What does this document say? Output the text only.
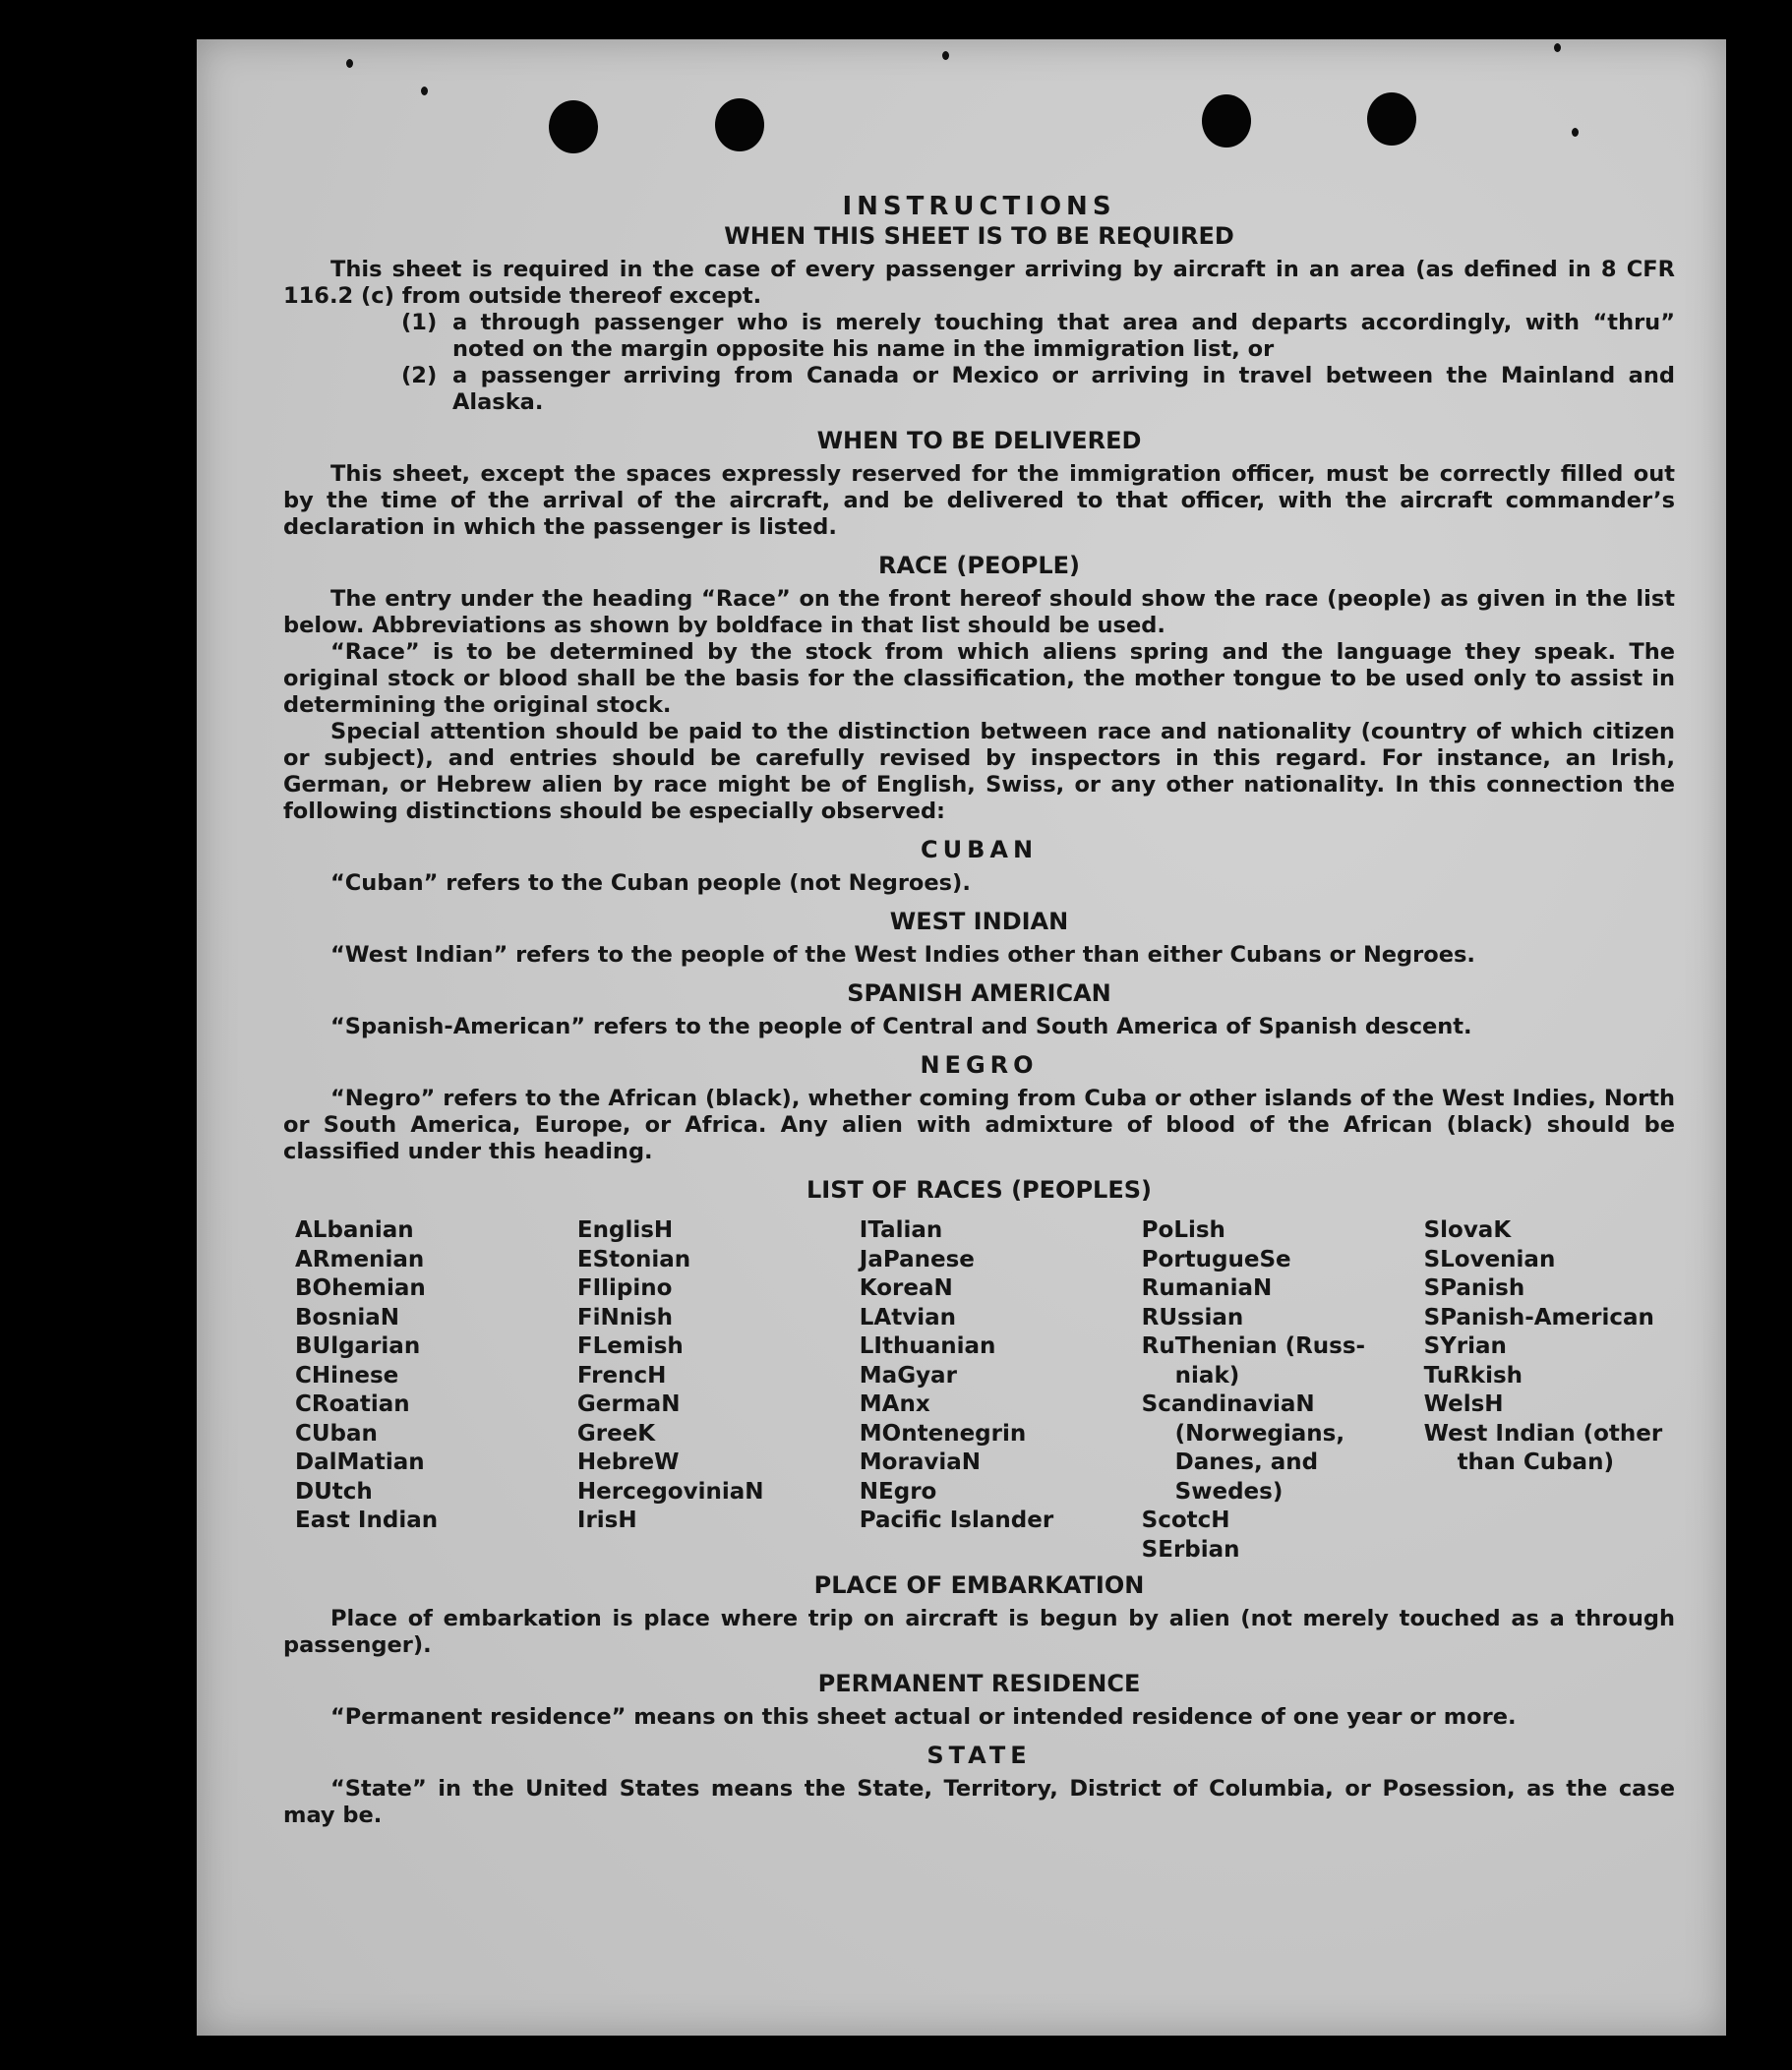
INSTRUCTIONS
WHEN THIS SHEET IS TO BE REQUIRED

This sheet is required in the case of every passenger arriving by aircraft in an area (as defined in 8 CFR 116.2 (c) from outside thereof except.

(1) a through passenger who is merely touching that area and departs accordingly, with “thru” noted on the margin opposite his name in the immigration list, or
(2) a passenger arriving from Canada or Mexico or arriving in travel between the Mainland and Alaska.
WHEN TO BE DELIVERED

This sheet, except the spaces expressly reserved for the immigration officer, must be correctly filled out by the time of the arrival of the aircraft, and be delivered to that officer, with the aircraft commander’s declaration in which the passenger is listed.

RACE (PEOPLE)

The entry under the heading “Race” on the front hereof should show the race (people) as given in the list below. Abbreviations as shown by boldface in that list should be used.

“Race” is to be determined by the stock from which aliens spring and the language they speak. The original stock or blood shall be the basis for the classification, the mother tongue to be used only to assist in determining the original stock.

Special attention should be paid to the distinction between race and nationality (country of which citizen or subject), and entries should be carefully revised by inspectors in this regard. For instance, an Irish, German, or Hebrew alien by race might be of English, Swiss, or any other nationality. In this connection the following distinctions should be especially observed:

CUBAN

“Cuban” refers to the Cuban people (not Negroes).

WEST INDIAN

“West Indian” refers to the people of the West Indies other than either Cubans or Negroes.

SPANISH AMERICAN

“Spanish-American” refers to the people of Central and South America of Spanish descent.

NEGRO

“Negro” refers to the African (black), whether coming from Cuba or other islands of the West Indies, North or South America, Europe, or Africa. Any alien with admixture of blood of the African (black) should be classified under this heading.

LIST OF RACES (PEOPLES)
ALbanian
ARmenian
BOhemian
BosniaN
BUlgarian
CHinese
CRoatian
CUban
DalMatian
DUtch
East Indian
EnglisH
EStonian
FIlipino
FiNnish
FLemish
FrencH
GermaN
GreeK
HebreW
HercegoviniaN
IrisH
ITalian
JaPanese
KoreaN
LAtvian
LIthuanian
MaGyar
MAnx
MOntenegrin
MoraviaN
NEgro
Pacific Islander
PoLish
PortugueSe
RumaniaN
RUssian
RuThenian (Russ-
niak)
ScandinaviaN
(Norwegians,
Danes, and
Swedes)
ScotcH
SErbian
SlovaK
SLovenian
SPanish
SPanish-American
SYrian
TuRkish
WelsH
West Indian (other
than Cuban)
PLACE OF EMBARKATION

Place of embarkation is place where trip on aircraft is begun by alien (not merely touched as a through passenger).

PERMANENT RESIDENCE

“Permanent residence” means on this sheet actual or intended residence of one year or more.

STATE

“State” in the United States means the State, Territory, District of Columbia, or Posession, as the case may be.
